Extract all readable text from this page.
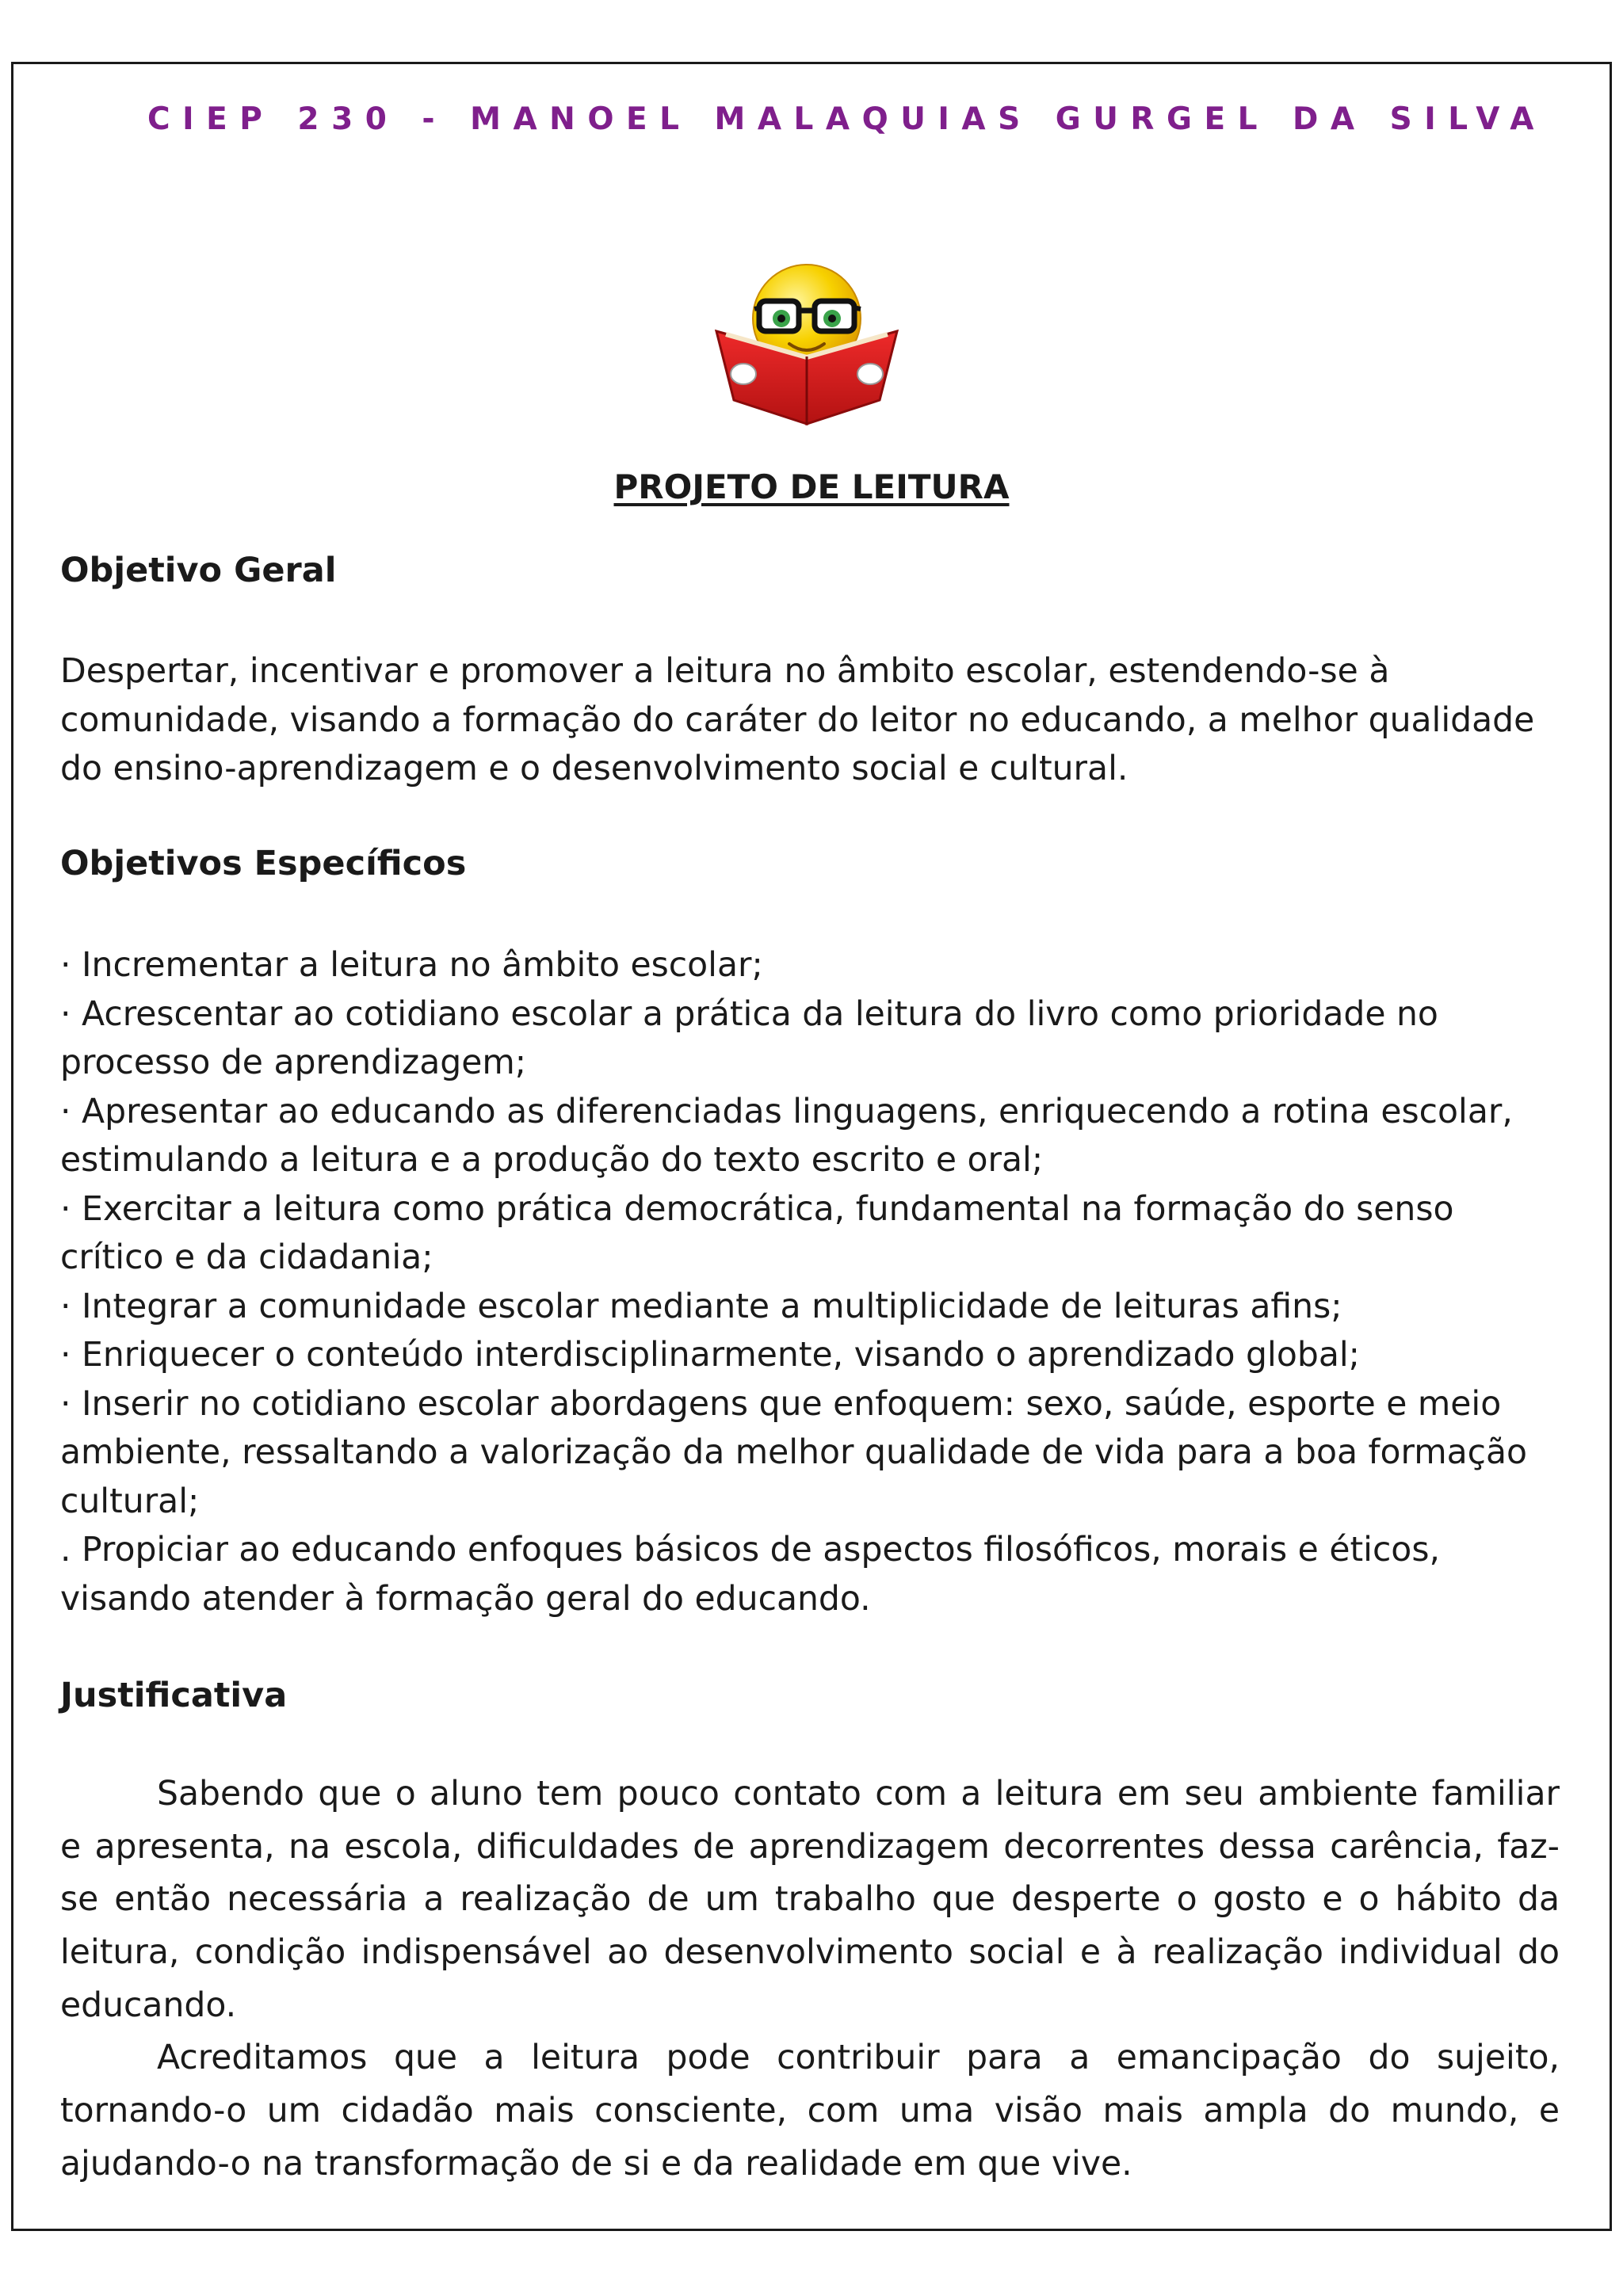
CIEP 230 - MANOEL MALAQUIAS GURGEL DA SILVA
PROJETO DE LEITURA
Objetivo Geral
Despertar, incentivar e promover a leitura no âmbito escolar, estendendo-se à
comunidade, visando a formação do caráter do leitor no educando, a melhor qualidade
do ensino-aprendizagem e o desenvolvimento social e cultural.
Objetivos Específicos
· Incrementar a leitura no âmbito escolar;
· Acrescentar ao cotidiano escolar a prática da leitura do livro como prioridade no
processo de aprendizagem;
· Apresentar ao educando as diferenciadas linguagens, enriquecendo a rotina escolar,
estimulando a leitura e a produção do texto escrito e oral;
· Exercitar a leitura como prática democrática, fundamental na formação do senso
crítico e da cidadania;
· Integrar a comunidade escolar mediante a multiplicidade de leituras afins;
· Enriquecer o conteúdo interdisciplinarmente, visando o aprendizado global;
· Inserir no cotidiano escolar abordagens que enfoquem: sexo, saúde, esporte e meio
ambiente, ressaltando a valorização da melhor qualidade de vida para a boa formação
cultural;
. Propiciar ao educando enfoques básicos de aspectos filosóficos, morais e éticos,
visando atender à formação geral do educando.
Justificativa
Sabendo que o aluno tem pouco contato com a leitura em seu ambiente familiar
e apresenta, na escola, dificuldades de aprendizagem decorrentes dessa carência, faz-
se então necessária a realização de um trabalho que desperte o gosto e o hábito da
leitura, condição indispensável ao desenvolvimento social e à realização individual do
educando.
Acreditamos que a leitura pode contribuir para a emancipação do sujeito,
tornando-o um cidadão mais consciente, com uma visão mais ampla do mundo, e
ajudando-o na transformação de si e da realidade em que vive.
